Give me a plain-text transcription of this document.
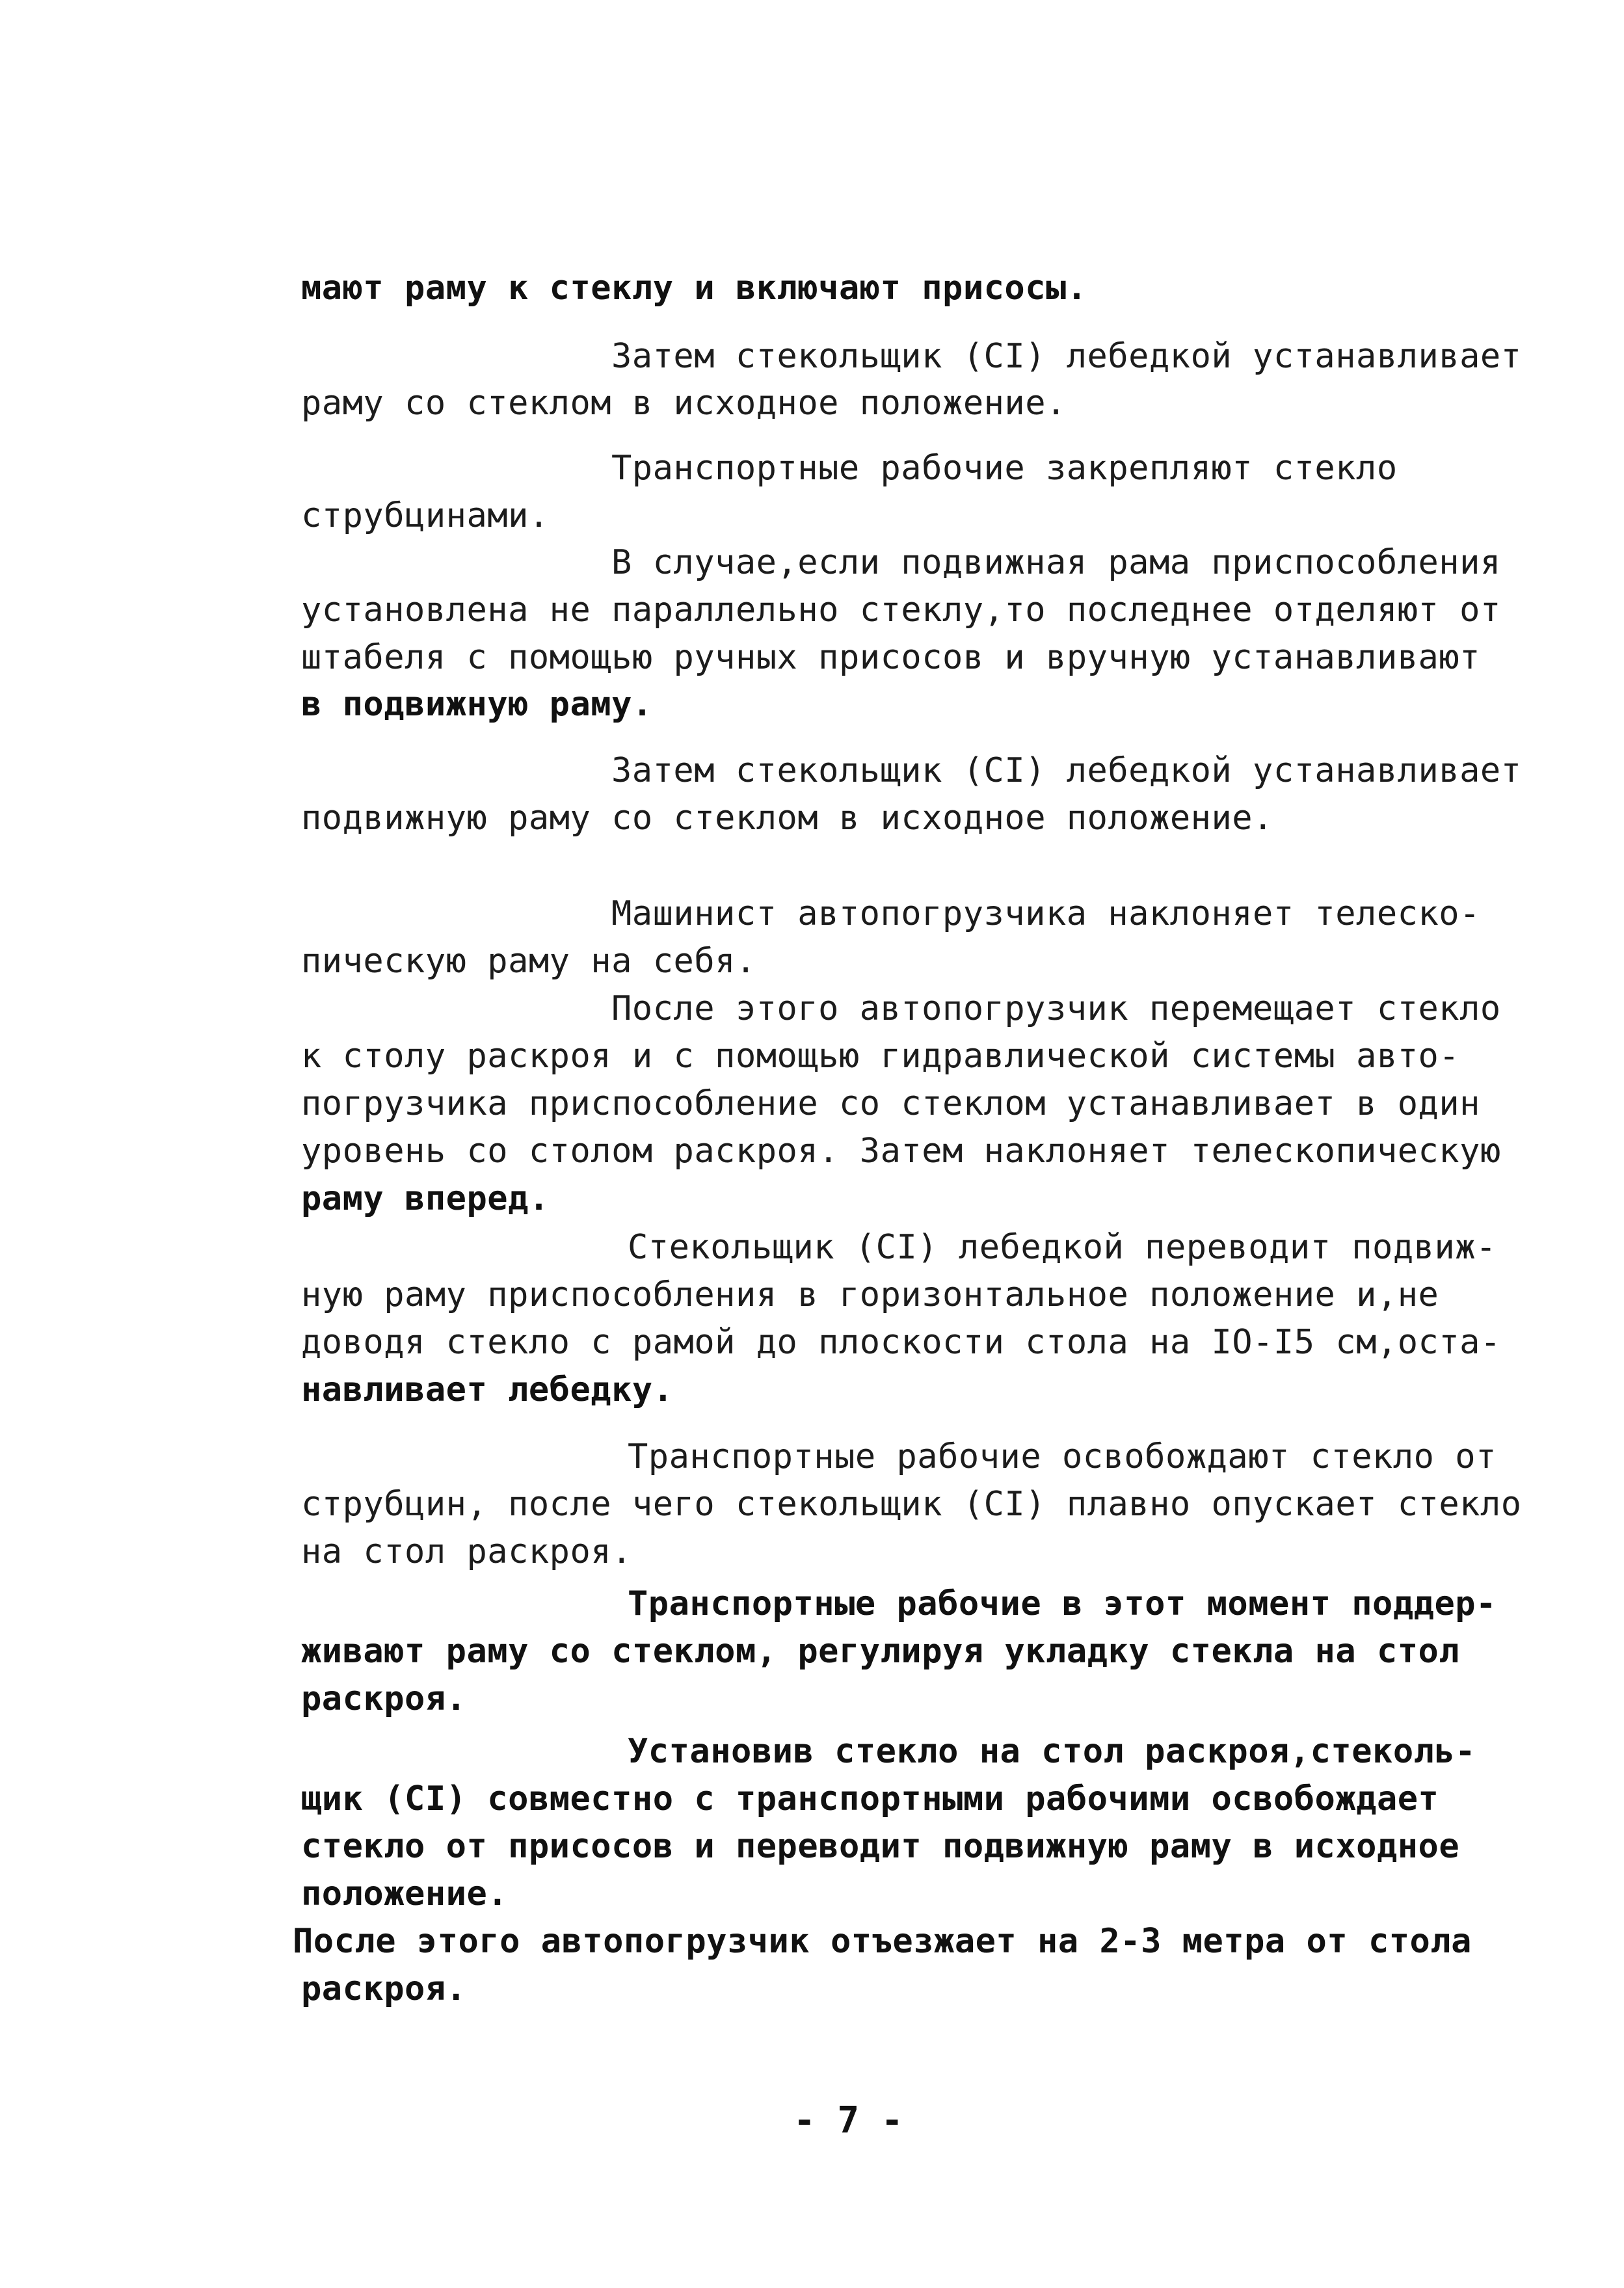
мают раму к стеклу и включают присосы.

Затем стекольщик (CI) лебедкой устанавливает

раму со стеклом в исходное положение.

Транспортные рабочие закрепляют стекло

струбцинами.

В случае,если подвижная рама приспособления

установлена не параллельно стеклу,то последнее отделяют от

штабеля с помощью ручных присосов и вручную устанавливают

в подвижную раму.

Затем стекольщик (CI) лебедкой устанавливает

подвижную раму со стеклом в исходное положение.

Машинист автопогрузчика наклоняет телеско-

пическую раму на себя.

После этого автопогрузчик перемещает стекло

к столу раскроя и с помощью гидравлической системы авто-

погрузчика приспособление со стеклом устанавливает в один

уровень со столом раскроя. Затем наклоняет телескопическую

раму вперед.

Стекольщик (CI) лебедкой переводит подвиж-

ную раму приспособления в горизонтальное положение и,не

доводя стекло с рамой до плоскости стола на IO-I5 см,оста-

навливает лебедку.

Транспортные рабочие освобождают стекло от

струбцин, после чего стекольщик (CI) плавно опускает стекло

на стол раскроя.

Транспортные рабочие в этот момент поддер-

живают раму со стеклом, регулируя укладку стекла на стол

раскроя.

Установив стекло на стол раскроя,стеколь-

щик (CI) совместно с транспортными рабочими освобождает

стекло от присосов и переводит подвижную раму в исходное

положение.

После этого автопогрузчик отъезжает на 2-3 метра от стола

раскроя.

- 7 -
